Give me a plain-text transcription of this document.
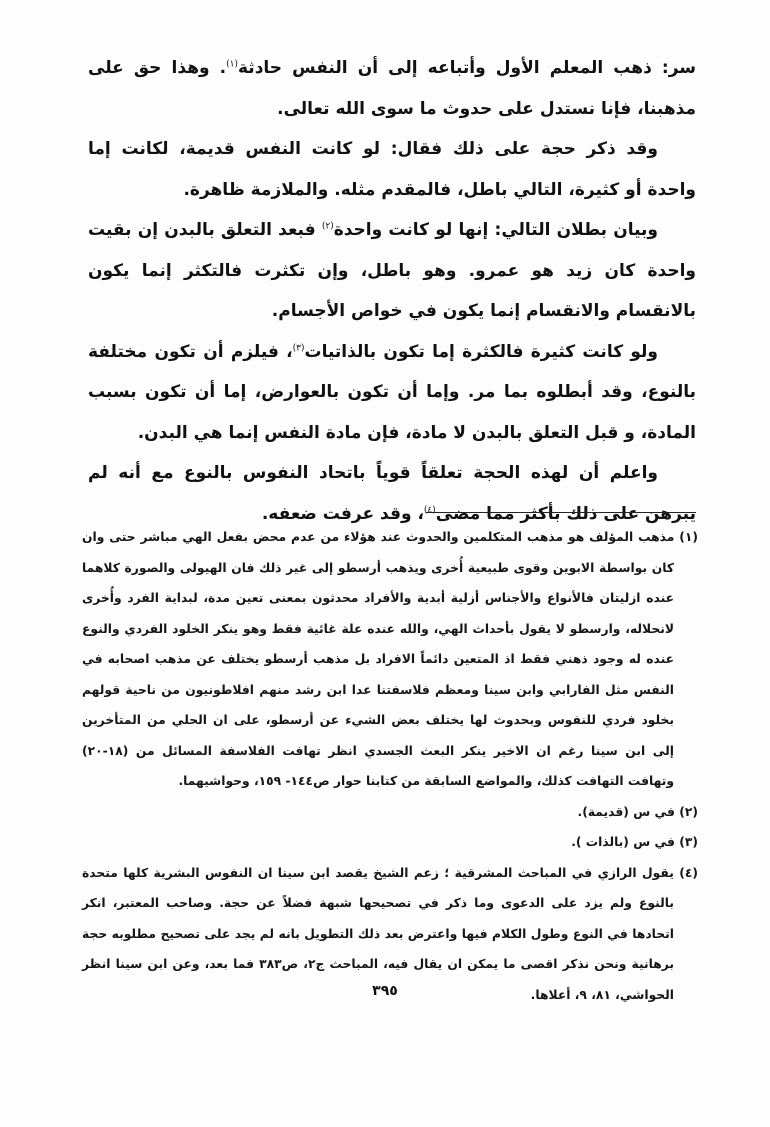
سر: ذهب المعلم الأول وأتباعه إلى أن النفس حادثة$^{(١)}$. وهذا حق على مذهبنا، فإنا نستدل على حدوث ما سوى الله تعالى.

وقد ذكر حجة على ذلك فقال: لو كانت النفس قديمة، لكانت إما واحدة أو كثيرة، التالي باطل، فالمقدم مثله. والملازمة ظاهرة.

وبيان بطلان التالي: إنها لو كانت واحدة$^{(٢)}$ فبعد التعلق بالبدن إن بقيت واحدة كان زيد هو عمرو. وهو باطل، وإن تكثرت فالتكثر إنما يكون بالانقسام والانقسام إنما يكون في خواص الأجسام.

ولو كانت كثيرة فالكثرة إما تكون بالذاتيات$^{(٣)}$، فيلزم أن تكون مختلفة بالنوع، وقد أبطلوه بما مر. وإما أن تكون بالعوارض، إما أن تكون بسبب المادة، و قبل التعلق بالبدن لا مادة، فإن مادة النفس إنما هي البدن.

واعلم أن لهذه الحجة تعلقاً قوياً باتحاد النفوس بالنوع مع أنه لم يبرهن على ذلك بأكثر مما مضى$^{(٤)}$، وقد عرفت ضعفه.

(١) مذهب المؤلف هو مذهب المتكلمين والحدوث عند هؤلاء من عدم محض بفعل الهي مباشر حتى وان كان بواسطة الابوين وقوى طبيعية أُخرى ويذهب أرسطو إلى غير ذلك فان الهيولى والصورة كلاهما عنده ازليتان فالأنواع والأجناس أزلية أبدية والأفراد محدثون بمعنى تعين مدة، لبداية الفرد وأُخرى لانحلاله، وارسطو لا يقول بأحداث الهي، والله عنده علة غائية فقط وهو ينكر الخلود الفردي والنوع عنده له وجود ذهني فقط اذ المتعين دائماً الافراد بل مذهب أرسطو يختلف عن مذهب اصحابه في النفس مثل الفارابي وابن سينا ومعظم فلاسفتنا عدا ابن رشد منهم افلاطونيون من ناحية قولهم بخلود فردي للنفوس وبحدوث لها يختلف بعض الشيء عن أرسطو، على ان الحلي من المتأخرين إلى ابن سينا رغم ان الاخير ينكر البعث الجسدي انظر تهافت الفلاسفة المسائل من (١٨-٢٠) وتهافت التهافت كذلك، والمواضع السابقة من كتابنا حوار ص١٤٤- ١٥٩، وحواشيهما.

(٢) في س (قديمة).

(٣) في س (بالذات ).

(٤) يقول الرازي في المباحث المشرقية ؛ زعم الشيخ يقصد ابن سينا ان النفوس البشرية كلها متحدة بالنوع ولم يزد على الدعوى وما ذكر في تصحيحها شبهة فضلاً عن حجة. وصاحب المعتبر، انكر اتحادها في النوع وطول الكلام فيها واعترض بعد ذلك التطويل بانه لم يجد على تصحيح مطلوبه حجة برهانية ونحن نذكر اقصى ما يمكن ان يقال فيه، المباحث ج٢، ص٣٨٣ فما بعد، وعن ابن سينا انظر الحواشي، ٨١، ٩، أعلاها.

٣٩٥
